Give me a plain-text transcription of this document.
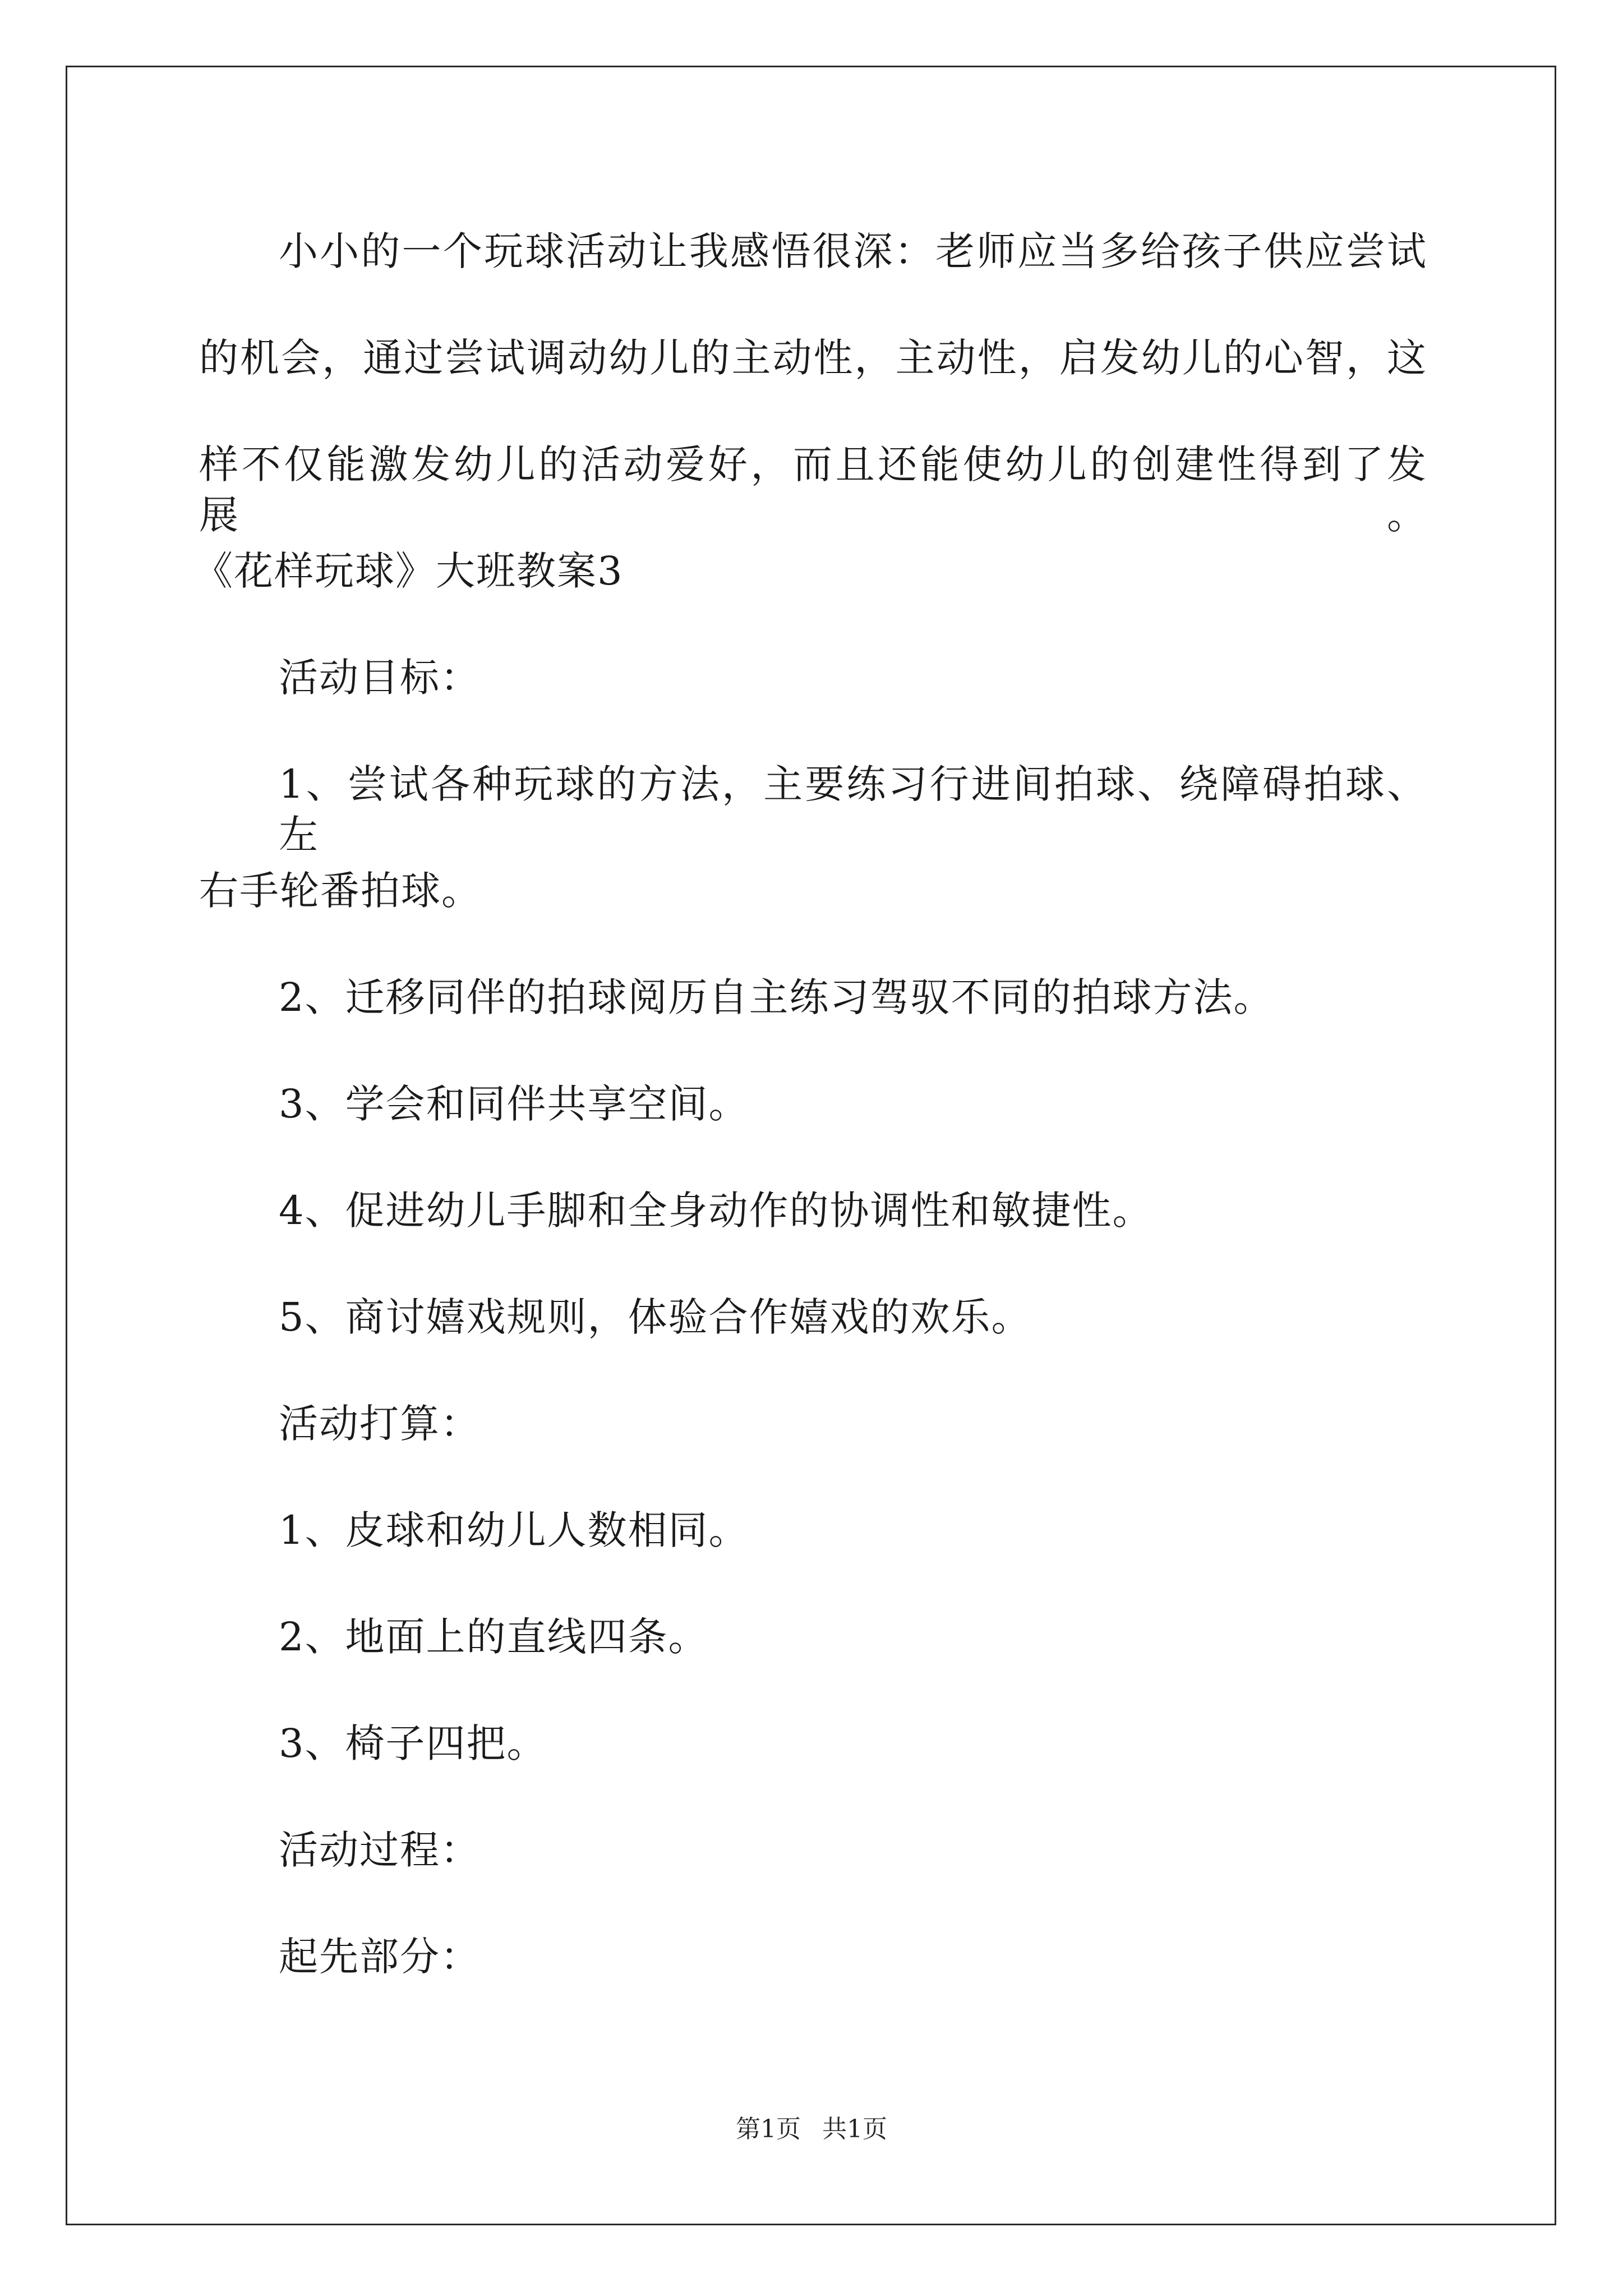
小小的一个玩球活动让我感悟很深：老师应当多给孩子供应尝试
的机会，通过尝试调动幼儿的主动性，主动性，启发幼儿的心智，这
样不仅能激发幼儿的活动爱好，而且还能使幼儿的创建性得到了发展。
《花样玩球》大班教案3
活动目标：
1、尝试各种玩球的方法，主要练习行进间拍球、绕障碍拍球、左
右手轮番拍球。
2、迁移同伴的拍球阅历自主练习驾驭不同的拍球方法。
3、学会和同伴共享空间。
4、促进幼儿手脚和全身动作的协调性和敏捷性。
5、商讨嬉戏规则，体验合作嬉戏的欢乐。
活动打算：
1、皮球和幼儿人数相同。
2、地面上的直线四条。
3、椅子四把。
活动过程：
起先部分：
第1页 共1页
